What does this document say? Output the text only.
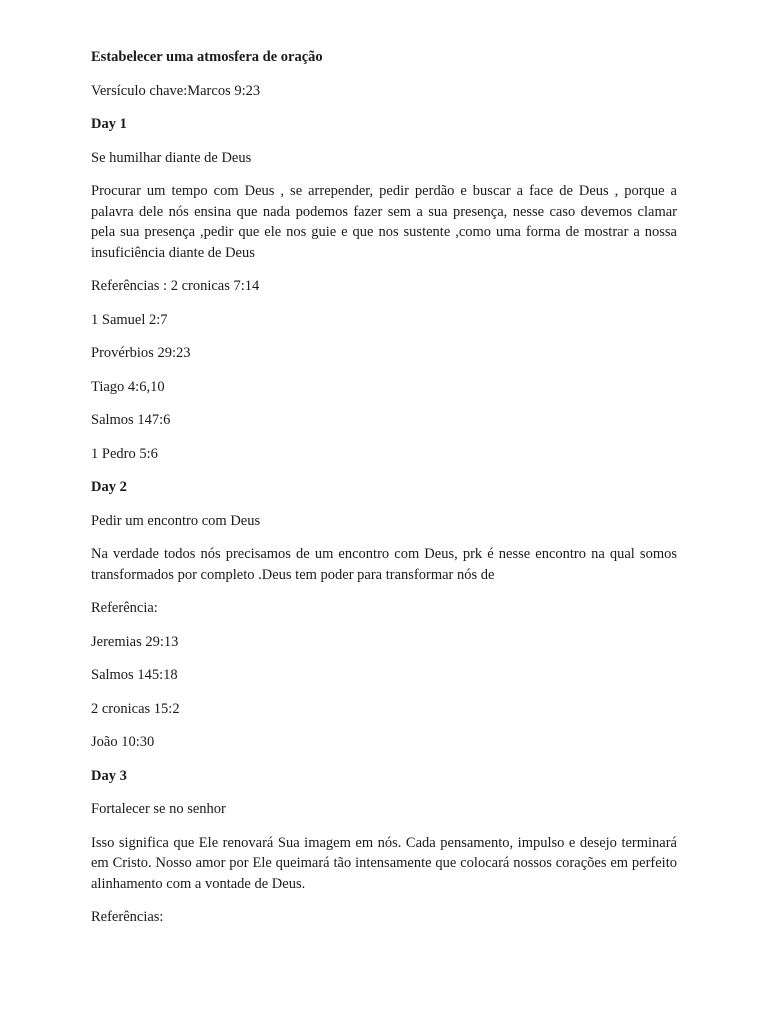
Estabelecer uma atmosfera de oração

Versículo chave:Marcos 9:23

Day 1

Se humilhar diante de Deus

Procurar um tempo com Deus , se arrepender, pedir perdão e buscar a face de Deus , porque a palavra dele nós ensina que nada podemos fazer sem a sua presença, nesse caso devemos clamar pela sua presença ,pedir que ele nos guie e que nos sustente ,como uma forma de mostrar a nossa insuficiência diante de Deus

Referências : 2 cronicas 7:14

1 Samuel 2:7

Provérbios 29:23

Tiago 4:6,10

Salmos 147:6

1 Pedro 5:6

Day 2

Pedir um encontro com Deus

Na verdade todos nós precisamos de um encontro com Deus, prk é nesse encontro na qual somos transformados por completo .Deus tem poder para transformar nós de

Referência:

Jeremias 29:13

Salmos 145:18

2 cronicas 15:2

João 10:30

Day 3

Fortalecer se no senhor

Isso significa que Ele renovará Sua imagem em nós. Cada pensamento, impulso e desejo terminará em Cristo. Nosso amor por Ele queimará tão intensamente que colocará nossos corações em perfeito alinhamento com a vontade de Deus.

Referências:
